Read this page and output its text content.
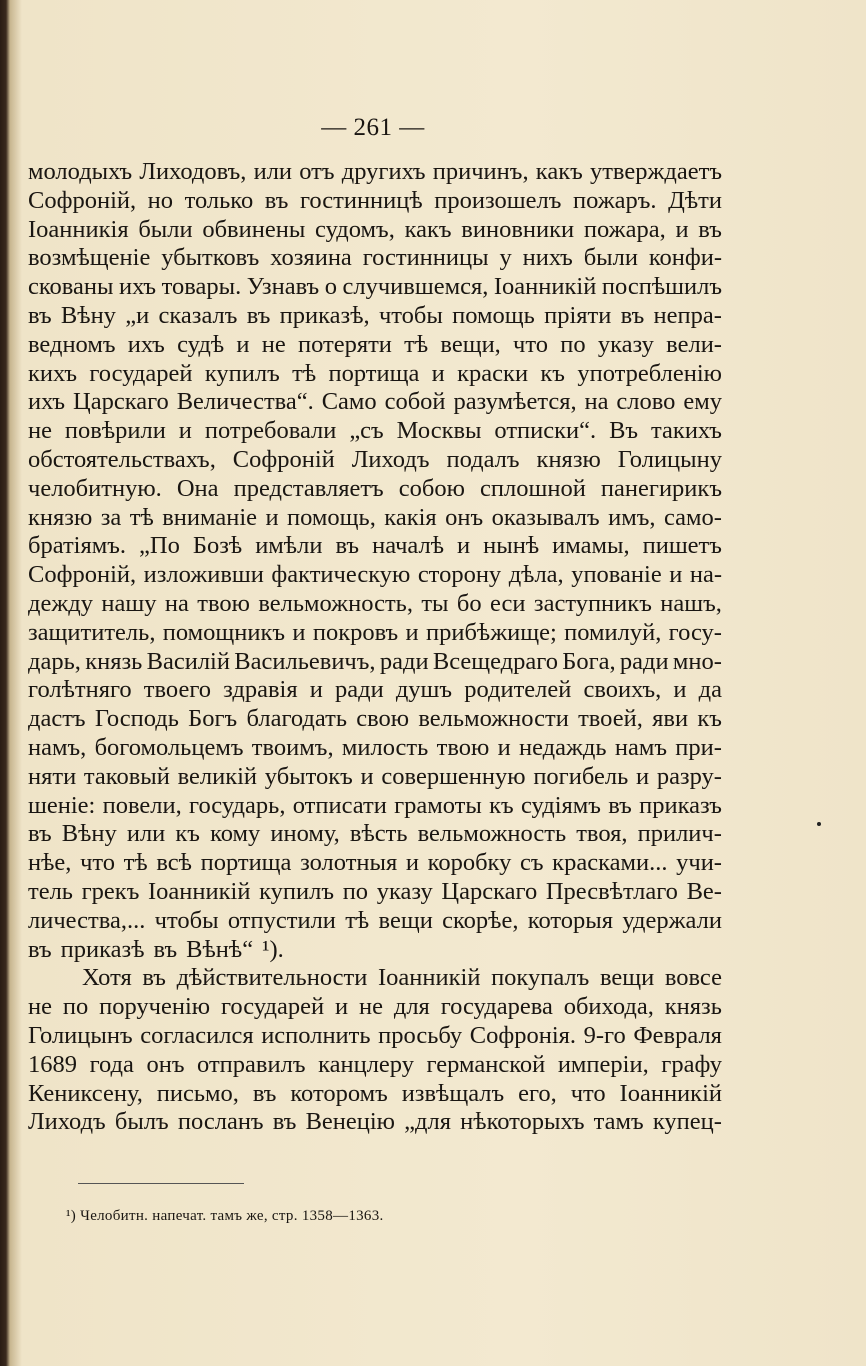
— 261 —
молодыхъ Лиходовъ, или отъ другихъ причинъ, какъ утверждаетъ
Софроній, но только въ гостинницѣ произошелъ пожаръ. Дѣти
Іоанникія были обвинены судомъ, какъ виновники пожара, и въ
возмѣщеніе убытковъ хозяина гостинницы у нихъ были конфи-
скованы ихъ товары. Узнавъ о случившемся, Іоанникій поспѣшилъ
въ Вѣну „и сказалъ въ приказѣ, чтобы помощь пріяти въ непра-
ведномъ ихъ судѣ и не потеряти тѣ вещи, что по указу вели-
кихъ государей купилъ тѣ портища и краски къ употребленію
ихъ Царскаго Величества“. Само собой разумѣется, на слово ему
не повѣрили и потребовали „съ Москвы отписки“. Въ такихъ
обстоятельствахъ, Софроній Лиходъ подалъ князю Голицыну
челобитную. Она представляетъ собою сплошной панегирикъ
князю за тѣ вниманіе и помощь, какія онъ оказывалъ имъ, само-
братіямъ. „По Бозѣ имѣли въ началѣ и нынѣ имамы, пишетъ
Софроній, изложивши фактическую сторону дѣла, упованіе и на-
дежду нашу на твою вельможность, ты бо еси заступникъ нашъ,
защититель, помощникъ и покровъ и прибѣжище; помилуй, госу-
дарь, князь Василій Васильевичъ, ради Всещедраго Бога, ради мно-
голѣтняго твоего здравія и ради душъ родителей своихъ, и да
дастъ Господь Богъ благодать свою вельможности твоей, яви къ
намъ, богомольцемъ твоимъ, милость твою и недаждь намъ при-
няти таковый великій убытокъ и совершенную погибель и разру-
шеніе: повели, государь, отписати грамоты къ судіямъ въ приказъ
въ Вѣну или къ кому иному, вѣсть вельможность твоя, прилич-
нѣе, что тѣ всѣ портища золотныя и коробку съ красками... учи-
тель грекъ Іоанникій купилъ по указу Царскаго Пресвѣтлаго Ве-
личества,... чтобы отпустили тѣ вещи скорѣе, которыя удержали
въ приказѣ въ Вѣнѣ“ ¹).
Хотя въ дѣйствительности Іоанникій покупалъ вещи вовсе
не по порученію государей и не для государева обихода, князь
Голицынъ согласился исполнить просьбу Софронія. 9-го Февраля
1689 года онъ отправилъ канцлеру германской имперіи, графу
Кениксену, письмо, въ которомъ извѣщалъ его, что Іоанникій
Лиходъ былъ посланъ въ Венецію „для нѣкоторыхъ тамъ купец-
¹) Челобитн. напечат. тамъ же, стр. 1358—1363.
